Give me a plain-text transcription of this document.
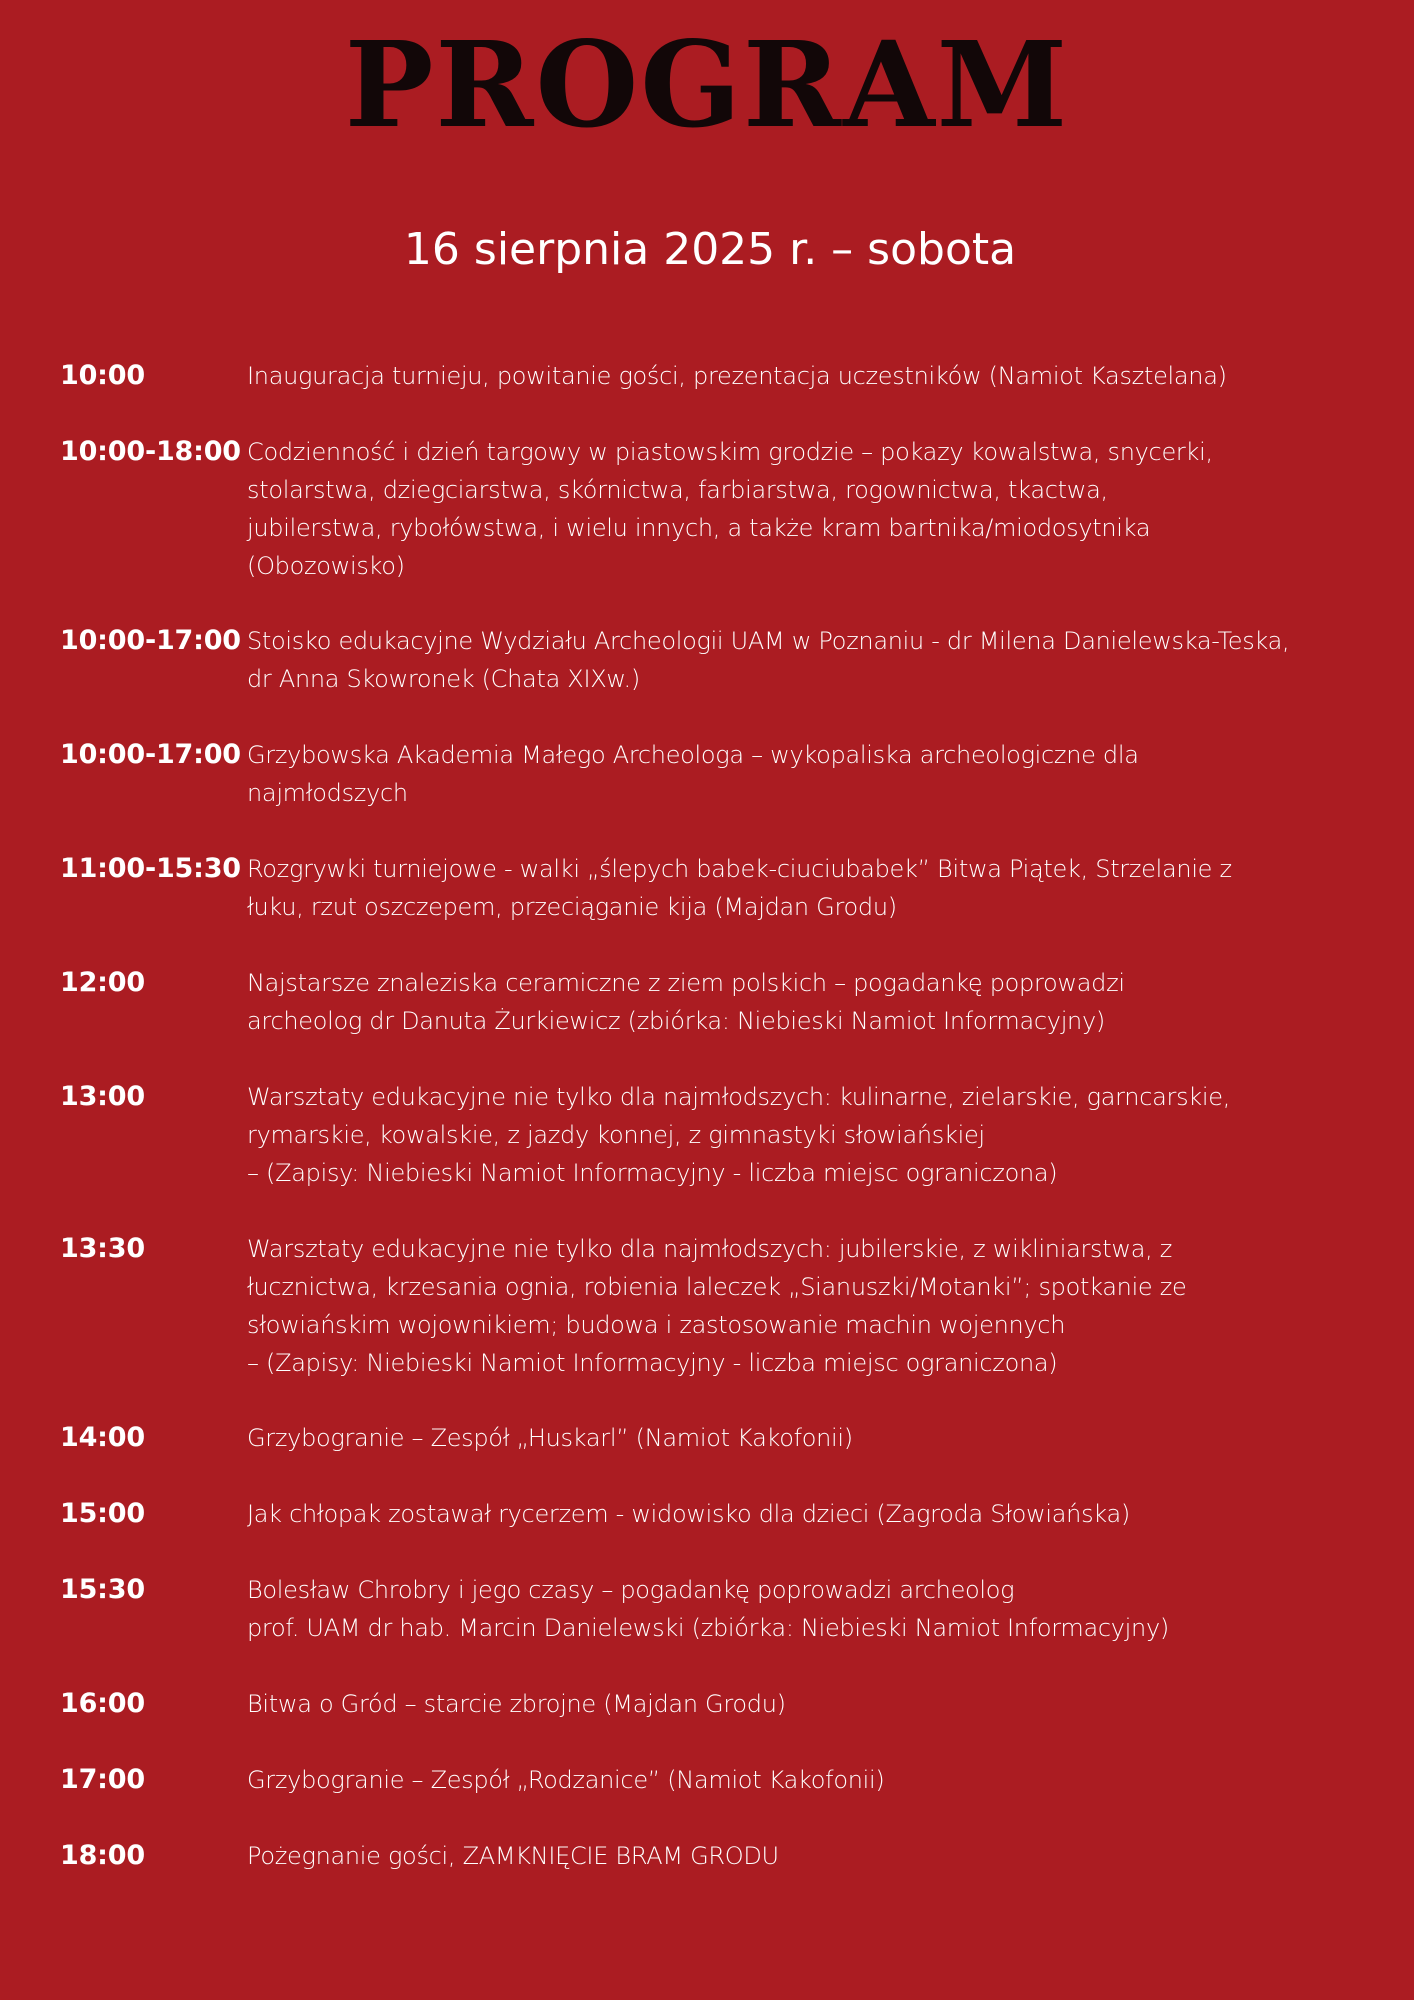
PROGRAM
16 sierpnia 2025 r. – sobota
10:00	Inauguracja turnieju, powitanie gości, prezentacja uczestników (Namiot Kasztelana)
10:00-18:00 Codzienność i dzień targowy w piastowskim grodzie – pokazy kowalstwa, snycerki,
stolarstwa, dziegciarstwa, skórnictwa, farbiarstwa, rogownictwa, tkactwa,
jubilerstwa, rybołówstwa, i wielu innych, a także kram bartnika/miodosytnika
(Obozowisko)
10:00-17:00 Stoisko edukacyjne Wydziału Archeologii UAM w Poznaniu - dr Milena Danielewska-Teska,
dr Anna Skowronek (Chata XIXw.)
10:00-17:00 Grzybowska Akademia Małego Archeologa – wykopaliska archeologiczne dla
najmłodszych
11:00-15:30 Rozgrywki turniejowe - walki „ślepych babek-ciuciubabek” Bitwa Piątek, Strzelanie z
łuku, rzut oszczepem, przeciąganie kija (Majdan Grodu)
12:00	Najstarsze znaleziska ceramiczne z ziem polskich – pogadankę poprowadzi
archeolog dr Danuta Żurkiewicz (zbiórka: Niebieski Namiot Informacyjny)
13:00	Warsztaty edukacyjne nie tylko dla najmłodszych: kulinarne, zielarskie, garncarskie,
rymarskie, kowalskie, z jazdy konnej, z gimnastyki słowiańskiej
– (Zapisy: Niebieski Namiot Informacyjny - liczba miejsc ograniczona)
13:30	Warsztaty edukacyjne nie tylko dla najmłodszych: jubilerskie, z wikliniarstwa, z
łucznictwa, krzesania ognia, robienia laleczek „Sianuszki/Motanki”; spotkanie ze
słowiańskim wojownikiem; budowa i zastosowanie machin wojennych
– (Zapisy: Niebieski Namiot Informacyjny - liczba miejsc ograniczona)
14:00	Grzybogranie – Zespół „Huskarl” (Namiot Kakofonii)
15:00	Jak chłopak zostawał rycerzem - widowisko dla dzieci (Zagroda Słowiańska)
15:30	Bolesław Chrobry i jego czasy – pogadankę poprowadzi archeolog
prof. UAM dr hab. Marcin Danielewski (zbiórka: Niebieski Namiot Informacyjny)
16:00	Bitwa o Gród – starcie zbrojne (Majdan Grodu)
17:00	Grzybogranie – Zespół „Rodzanice” (Namiot Kakofonii)
18:00	Pożegnanie gości, ZAMKNIĘCIE BRAM GRODU
